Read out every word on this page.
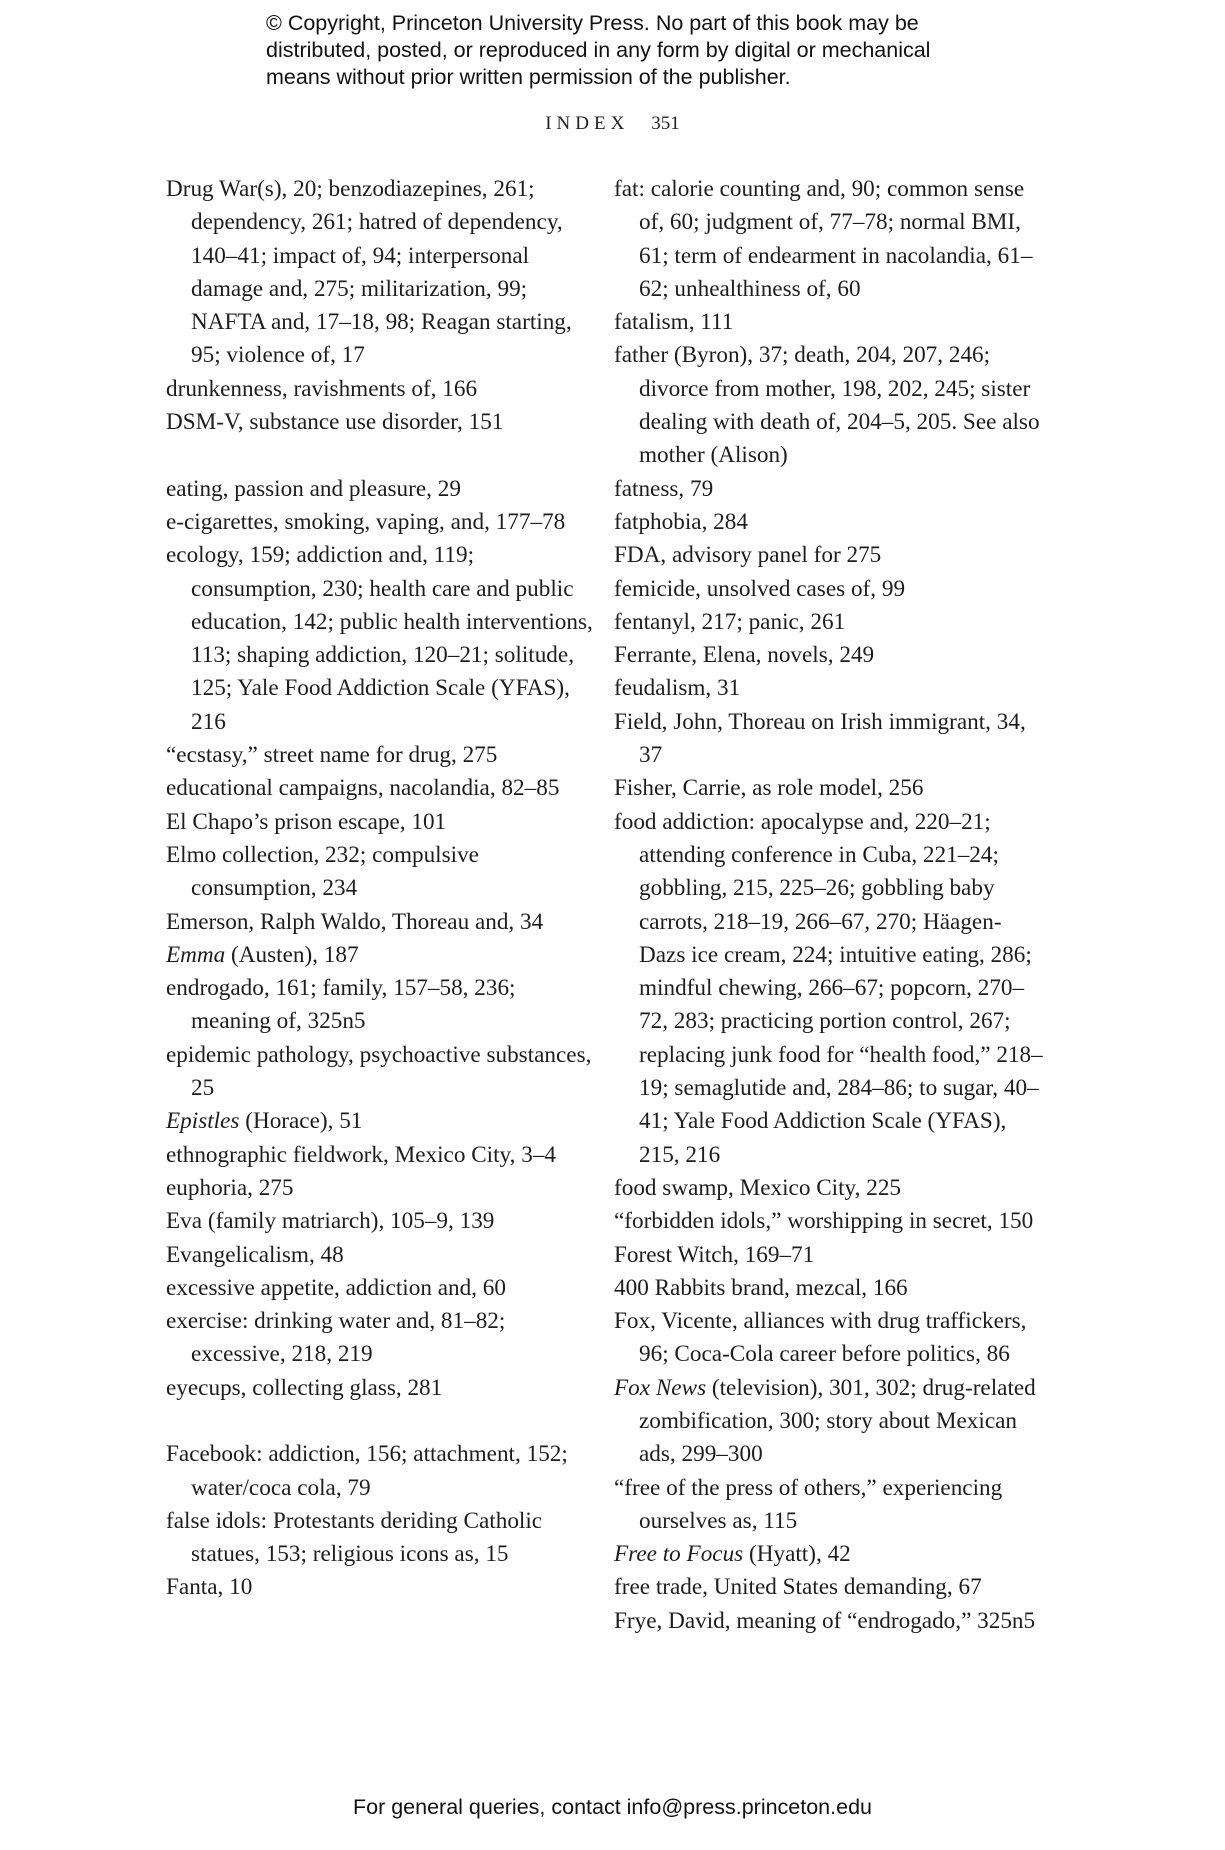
© Copyright, Princeton University Press. No part of this book may be
distributed, posted, or reproduced in any form by digital or mechanical
means without prior written permission of the publisher.
INDEX 351
Drug War(s), 20; benzodiazepines, 261; dependency, 261; hatred of dependency, 140–41; impact of, 94; interpersonal damage and, 275; militarization, 99; NAFTA and, 17–18, 98; Reagan starting, 95; violence of, 17
drunkenness, ravishments of, 166
DSM-V, substance use disorder, 151
eating, passion and pleasure, 29
e-cigarettes, smoking, vaping, and, 177–78
ecology, 159; addiction and, 119; consumption, 230; health care and public education, 142; public health interventions, 113; shaping addiction, 120–21; solitude, 125; Yale Food Addiction Scale (YFAS), 216
“ecstasy,” street name for drug, 275
educational campaigns, nacolandia, 82–85
El Chapo’s prison escape, 101
Elmo collection, 232; compulsive consumption, 234
Emerson, Ralph Waldo, Thoreau and, 34
Emma (Austen), 187
endrogado, 161; family, 157–58, 236; meaning of, 325n5
epidemic pathology, psychoactive substances, 25
Epistles (Horace), 51
ethnographic fieldwork, Mexico City, 3–4
euphoria, 275
Eva (family matriarch), 105–9, 139
Evangelicalism, 48
excessive appetite, addiction and, 60
exercise: drinking water and, 81–82; excessive, 218, 219
eyecups, collecting glass, 281
Facebook: addiction, 156; attachment, 152; water/coca cola, 79
false idols: Protestants deriding Catholic statues, 153; religious icons as, 15
Fanta, 10
fat: calorie counting and, 90; common sense of, 60; judgment of, 77–78; normal BMI, 61; term of endearment in nacolandia, 61–62; unhealthiness of, 60
fatalism, 111
father (Byron), 37; death, 204, 207, 246; divorce from mother, 198, 202, 245; sister dealing with death of, 204–5, 205. See also mother (Alison)
fatness, 79
fatphobia, 284
FDA, advisory panel for 275
femicide, unsolved cases of, 99
fentanyl, 217; panic, 261
Ferrante, Elena, novels, 249
feudalism, 31
Field, John, Thoreau on Irish immigrant, 34, 37
Fisher, Carrie, as role model, 256
food addiction: apocalypse and, 220–21; attending conference in Cuba, 221–24; gobbling, 215, 225–26; gobbling baby carrots, 218–19, 266–67, 270; Häagen-Dazs ice cream, 224; intuitive eating, 286; mindful chewing, 266–67; popcorn, 270–72, 283; practicing portion control, 267; replacing junk food for “health food,” 218–19; semaglutide and, 284–86; to sugar, 40–41; Yale Food Addiction Scale (YFAS), 215, 216
food swamp, Mexico City, 225
“forbidden idols,” worshipping in secret, 150
Forest Witch, 169–71
400 Rabbits brand, mezcal, 166
Fox, Vicente, alliances with drug traffickers, 96; Coca-Cola career before politics, 86
Fox News (television), 301, 302; drug-related zombification, 300; story about Mexican ads, 299–300
“free of the press of others,” experiencing ourselves as, 115
Free to Focus (Hyatt), 42
free trade, United States demanding, 67
Frye, David, meaning of “endrogado,” 325n5
For general queries, contact info@press.princeton.edu
